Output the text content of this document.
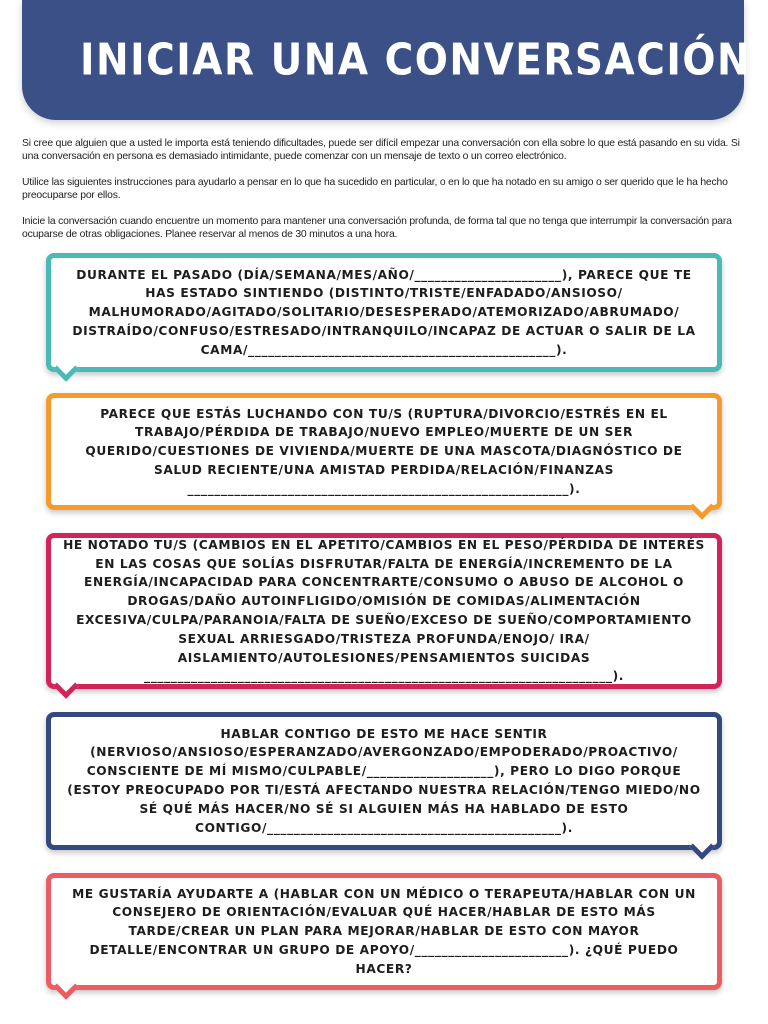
INICIAR UNA CONVERSACIÓN

Si cree que alguien que a usted le importa está teniendo dificultades, puede ser difícil empezar una conversación con ella sobre lo que está pasando en su vida. Si una conversación en persona es demasiado intimidante, puede comenzar con un mensaje de texto o un correo electrónico.

Utilice las siguientes instrucciones para ayudarlo a pensar en lo que ha sucedido en particular, o en lo que ha notado en su amigo o ser querido que le ha hecho preocuparse por ellos.

Inicie la conversación cuando encuentre un momento para mantener una conversación profunda, de forma tal que no tenga que interrumpir la conversación para ocuparse de otras obligaciones. Planee reservar al menos de 30 minutos a una hora.

DURANTE EL PASADO (DÍA/SEMANA/MES/AÑO/______________________), PARECE QUE TE HAS ESTADO SINTIENDO (DISTINTO/TRISTE/ENFADADO/ANSIOSO/ MALHUMORADO/AGITADO/SOLITARIO/DESESPERADO/ATEMORIZADO/ABRUMADO/ DISTRAÍDO/CONFUSO/ESTRESADO/INTRANQUILO/INCAPAZ DE ACTUAR O SALIR DE LA CAMA/______________________________________________).

PARECE QUE ESTÁS LUCHANDO CON TU/S (RUPTURA/DIVORCIO/ESTRÉS EN EL TRABAJO/PÉRDIDA DE TRABAJO/NUEVO EMPLEO/MUERTE DE UN SER QUERIDO/CUESTIONES DE VIVIENDA/MUERTE DE UNA MASCOTA/DIAGNÓSTICO DE SALUD RECIENTE/UNA AMISTAD PERDIDA/RELACIÓN/FINANZAS _________________________________________________________).

HE NOTADO TU/S (CAMBIOS EN EL APETITO/CAMBIOS EN EL PESO/PÉRDIDA DE INTERÉS EN LAS COSAS QUE SOLÍAS DISFRUTAR/FALTA DE ENERGÍA/INCREMENTO DE LA ENERGÍA/INCAPACIDAD PARA CONCENTRARTE/CONSUMO O ABUSO DE ALCOHOL O DROGAS/DAÑO AUTOINFLIGIDO/OMISIÓN DE COMIDAS/ALIMENTACIÓN EXCESIVA/CULPA/PARANOIA/FALTA DE SUEÑO/EXCESO DE SUEÑO/COMPORTAMIENTO SEXUAL ARRIESGADO/TRISTEZA PROFUNDA/ENOJO/ IRA/ AISLAMIENTO/AUTOLESIONES/PENSAMIENTOS SUICIDAS ______________________________________________________________________).

HABLAR CONTIGO DE ESTO ME HACE SENTIR (NERVIOSO/ANSIOSO/ESPERANZADO/AVERGONZADO/EMPODERADO/PROACTIVO/ CONSCIENTE DE MÍ MISMO/CULPABLE/___________________), PERO LO DIGO PORQUE (ESTOY PREOCUPADO POR TI/ESTÁ AFECTANDO NUESTRA RELACIÓN/TENGO MIEDO/NO SÉ QUÉ MÁS HACER/NO SÉ SI ALGUIEN MÁS HA HABLADO DE ESTO CONTIGO/____________________________________________).

ME GUSTARÍA AYUDARTE A (HABLAR CON UN MÉDICO O TERAPEUTA/HABLAR CON UN CONSEJERO DE ORIENTACIÓN/EVALUAR QUÉ HACER/HABLAR DE ESTO MÁS TARDE/CREAR UN PLAN PARA MEJORAR/HABLAR DE ESTO CON MAYOR DETALLE/ENCONTRAR UN GRUPO DE APOYO/_______________________). ¿QUÉ PUEDO HACER?
